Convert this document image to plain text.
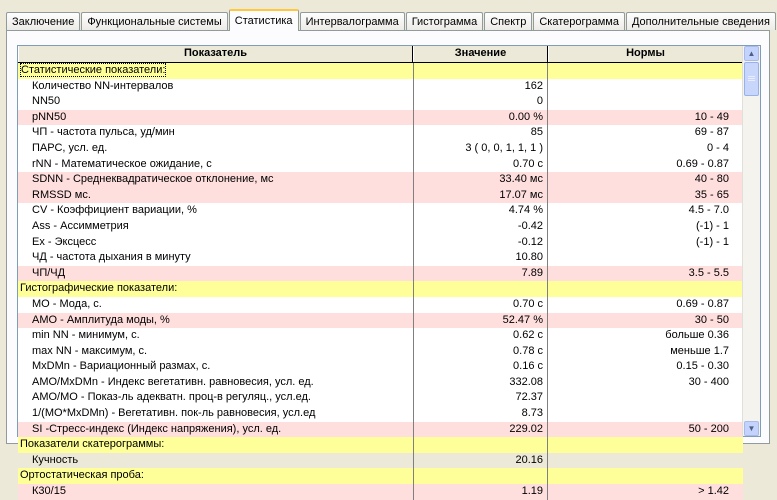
Заключение	Функциональные системы	Статистика	Интервалограмма	Гистограмма	Спектр	Скатерограмма	Дополнительные сведения
Показатель	Значение	Нормы
Статистические показатели:
Количество NN-интервалов	162
NN50	0
pNN50	0.00 %	10 - 49
ЧП - частота пульса, уд/мин	85	69 - 87
ПАРС, усл. ед.	3 ( 0, 0, 1, 1, 1 )	0 - 4
rNN - Математическое ожидание, с	0.70 с	0.69 - 0.87
SDNN - Среднеквадратическое отклонение, мс	33.40 мс	40 - 80
RMSSD мс.	17.07 мс	35 - 65
CV - Коэффициент вариации, %	4.74 %	4.5 - 7.0
Ass - Ассимметрия	-0.42	(-1) - 1
Ex - Эксцесс	-0.12	(-1) - 1
ЧД - частота дыхания в минуту	10.80
ЧП/ЧД	7.89	3.5 - 5.5
Гистографические показатели:
МО - Мода, с.	0.70 с	0.69 - 0.87
АМО - Амплитуда моды, %	52.47 %	30 - 50
min NN - минимум, с.	0.62 с	больше 0.36
max NN - максимум, с.	0.78 с	меньше 1.7
MxDMn - Вариационный размах, с.	0.16 с	0.15 - 0.30
АМО/MxDMn - Индекс вегетативн. равновесия, усл. ед.	332.08	30 - 400
АМО/МО - Показ-ль адекватн. проц-в регуляц., усл.ед.	72.37
1/(МО*MxDMn) - Вегетативн. пок-ль равновесия, усл.ед	8.73
SI -Стресс-индекс (Индекс напряжения), усл. ед.	229.02	50 - 200
Показатели скатерограммы:
Кучность	20.16
Ортостатическая проба:
К30/15	1.19	> 1.42
▲
▼
